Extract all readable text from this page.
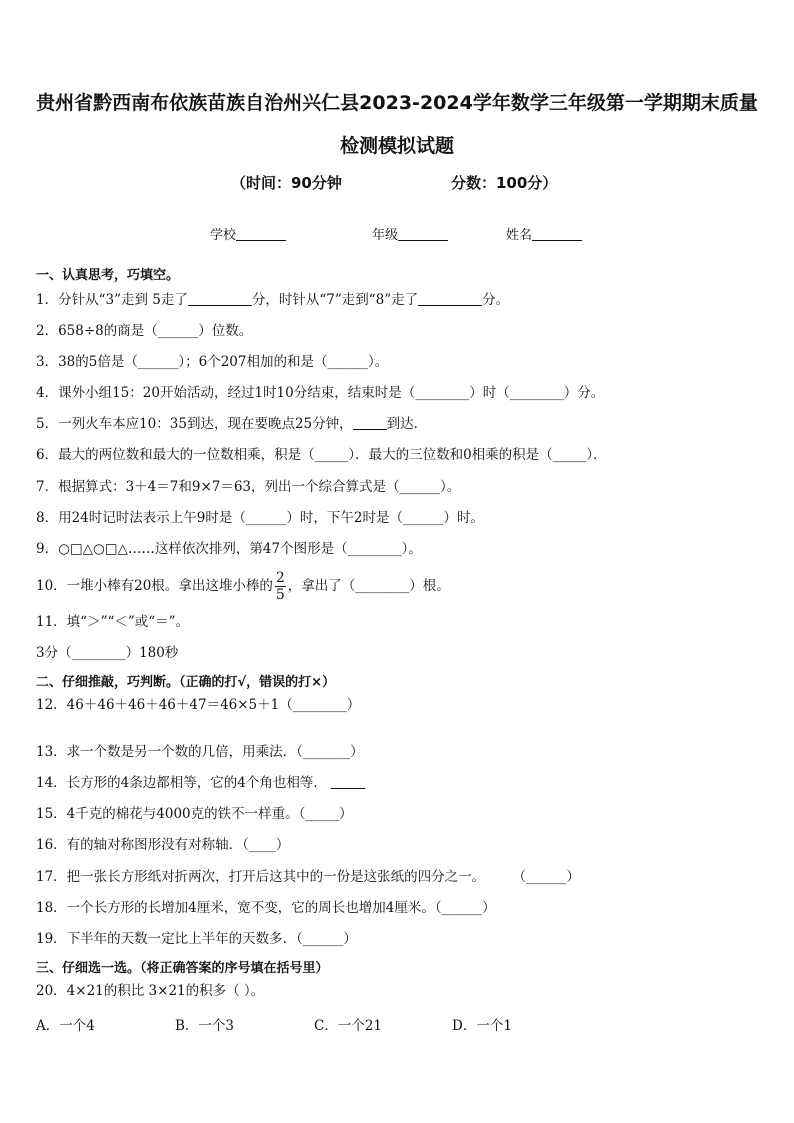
贵州省黔西南布依族苗族自治州兴仁县2023-2024学年数学三年级第一学期期末质量
检测模拟试题
（时间：90分钟	分数：100分）
学校	年级	姓名
一、认真思考，巧填空。
1．分针从“3”走到 5走了	分，时针从“7”走到“8”走了	分。
2．658÷8的商是（______）位数。
3．38的5倍是（______）；6个207相加的和是（______）。
4．课外小组15：20开始活动，经过1时10分结束，结束时是（________）时（________）分。
5．一列火车本应10：35到达，现在要晚点25分钟，	到达．
6．最大的两位数和最大的一位数相乘，积是（_____）．最大的三位数和0相乘的积是（_____）．
7．根据算式：3＋4＝7和9×7＝63，列出一个综合算式是（______）。
8．用24时记时法表示上午9时是（______）时，下午2时是（______）时。
9．○□△○□△……这样依次排列，第47个图形是（________）。
10．一堆小棒有20根。拿出这堆小棒的 $\frac{2}{5}$ ，拿出了（________）根。
11．填“＞”“＜”或“＝”。
3分（________）180秒
二、仔细推敲，巧判断。（正确的打√，错误的打×）
12．46＋46＋46＋46＋47＝46×5＋1（________）
13．求一个数是另一个数的几倍，用乘法．（_______）
14．长方形的4条边都相等，它的4个角也相等．
15．4千克的棉花与4000克的铁不一样重。（_____）
16．有的轴对称图形没有对称轴．（____）
17．把一张长方形纸对折两次，打开后这其中的一份是这张纸的四分之一。	（______）
18．一个长方形的长增加4厘米，宽不变，它的周长也增加4厘米。（______）
19．下半年的天数一定比上半年的天数多．（______）
三、仔细选一选。（将正确答案的序号填在括号里）
20．4×21的积比 3×21的积多（ ）。
A．一个4	B．一个3	C．一个21	D．一个1
